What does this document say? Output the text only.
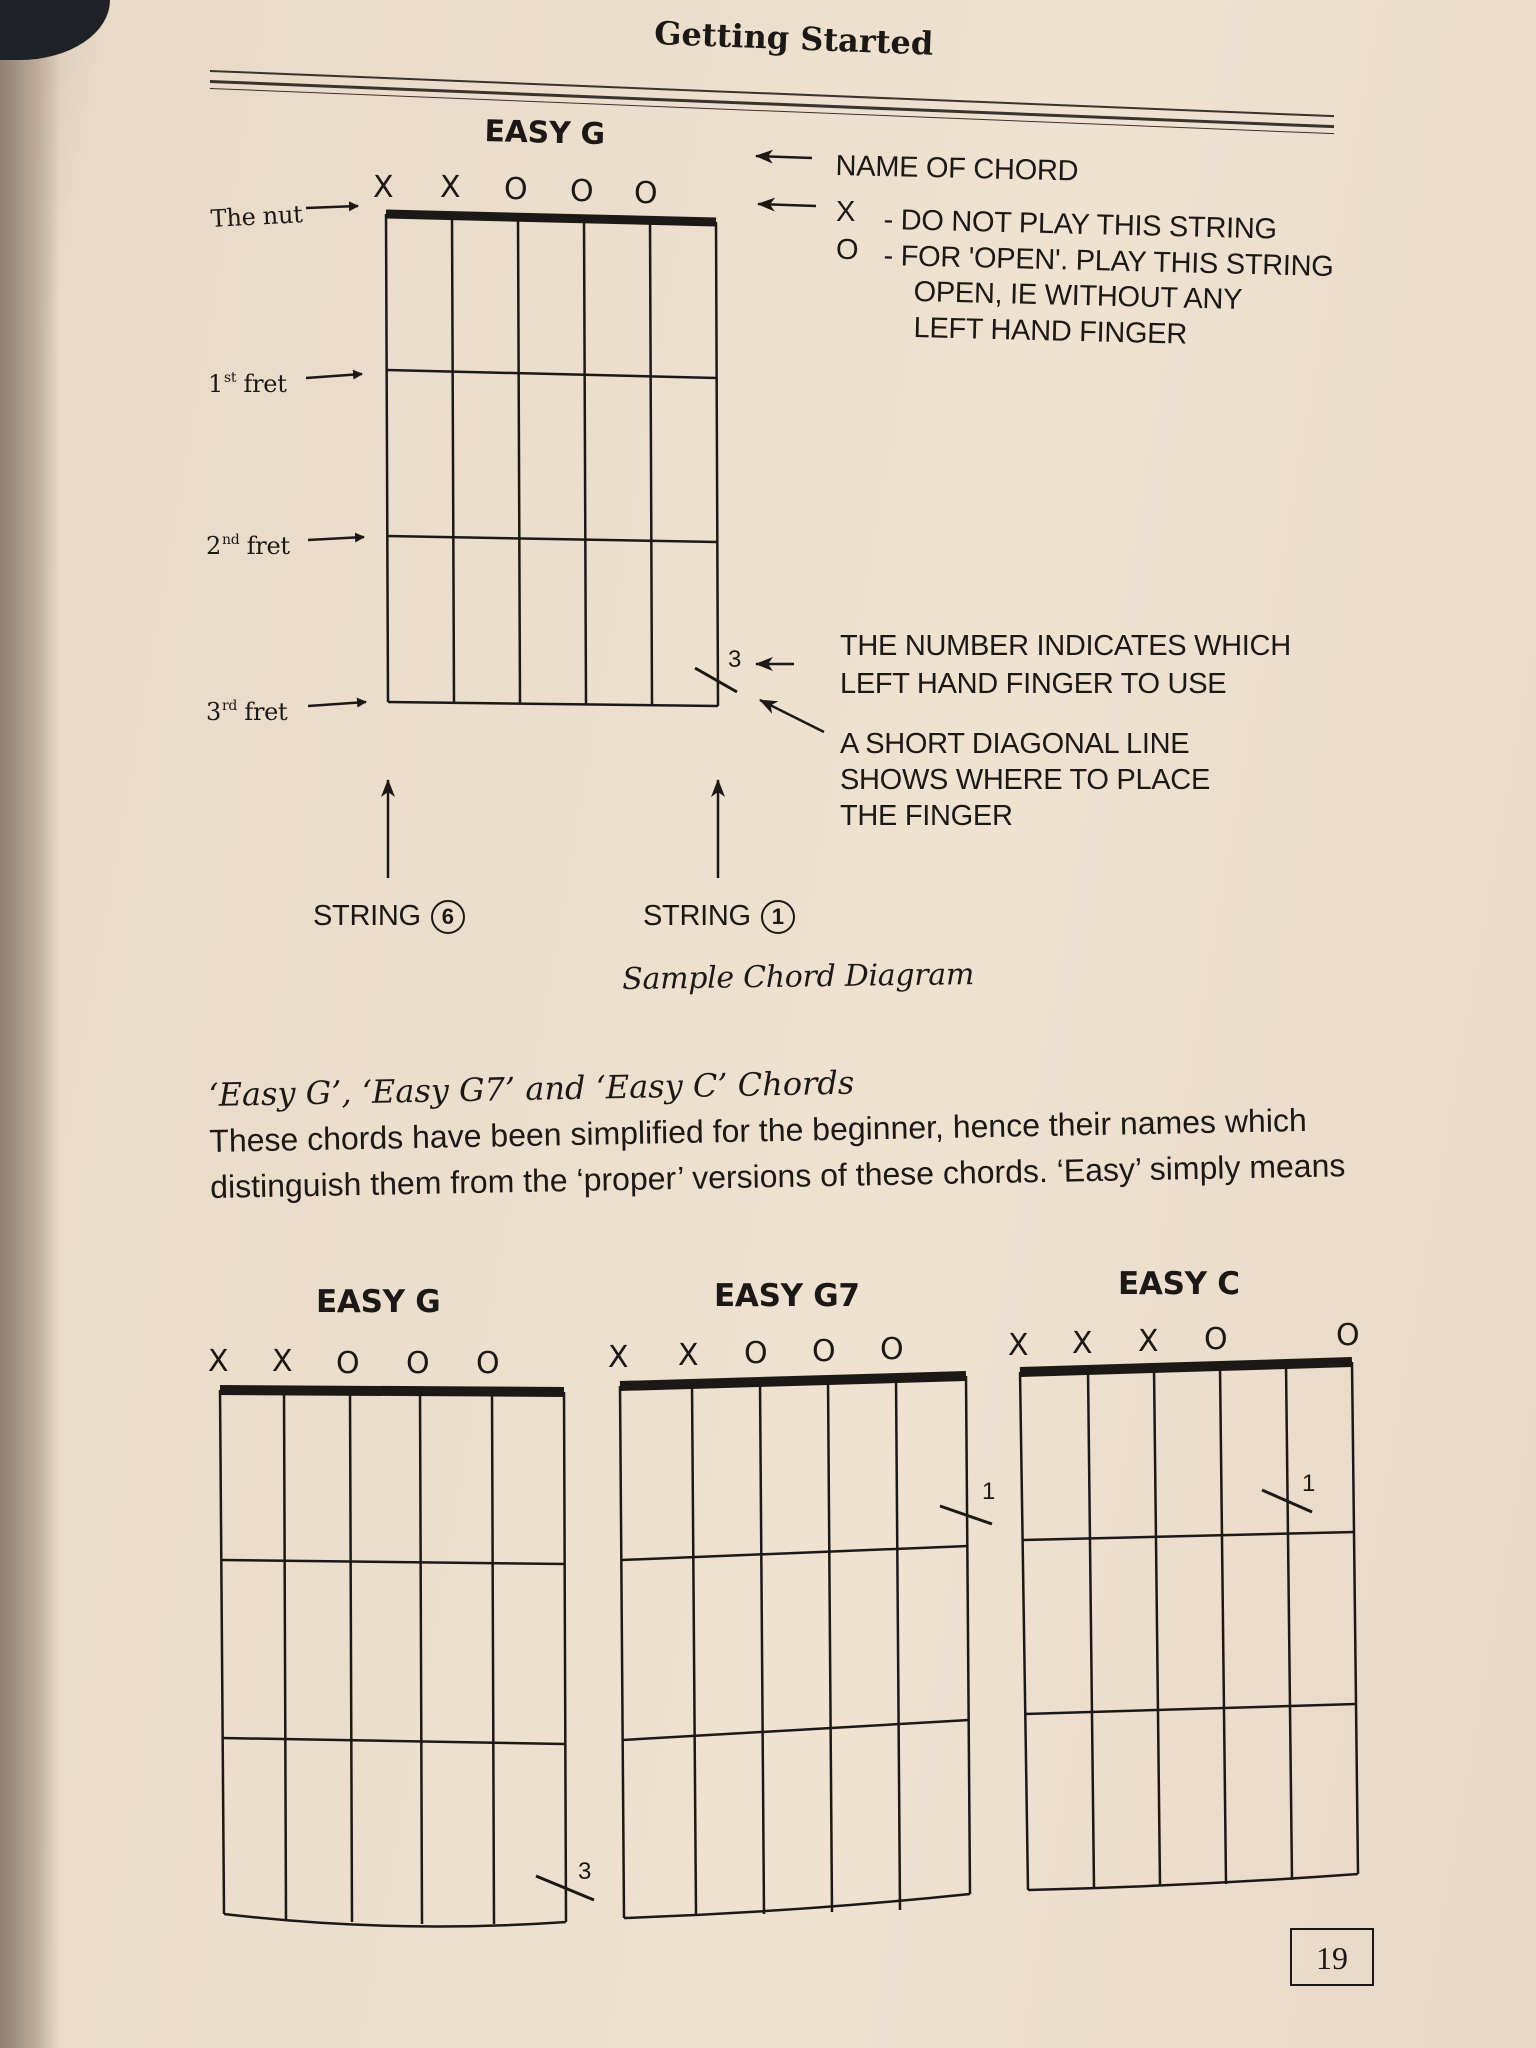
Getting Started
EASY G
X X O O O
The nut
1st fret
2nd fret
3rd fret
3
STRING 6	STRING 1
Sample Chord Diagram
NAME OF CHORD
X - DO NOT PLAY THIS STRING
O - FOR 'OPEN'. PLAY THIS STRING
OPEN, IE WITHOUT ANY
LEFT HAND FINGER
THE NUMBER INDICATES WHICH
LEFT HAND FINGER TO USE
A SHORT DIAGONAL LINE
SHOWS WHERE TO PLACE
THE FINGER
‘Easy G’, ‘Easy G7’ and ‘Easy C’ Chords
These chords have been simplified for the beginner, hence their names which
distinguish them from the ‘proper’ versions of these chords. ‘Easy’ simply means
EASY G	EASY G7	EASY C
X X O O O	X X O O O	X X X O	O
3
1	1
19
